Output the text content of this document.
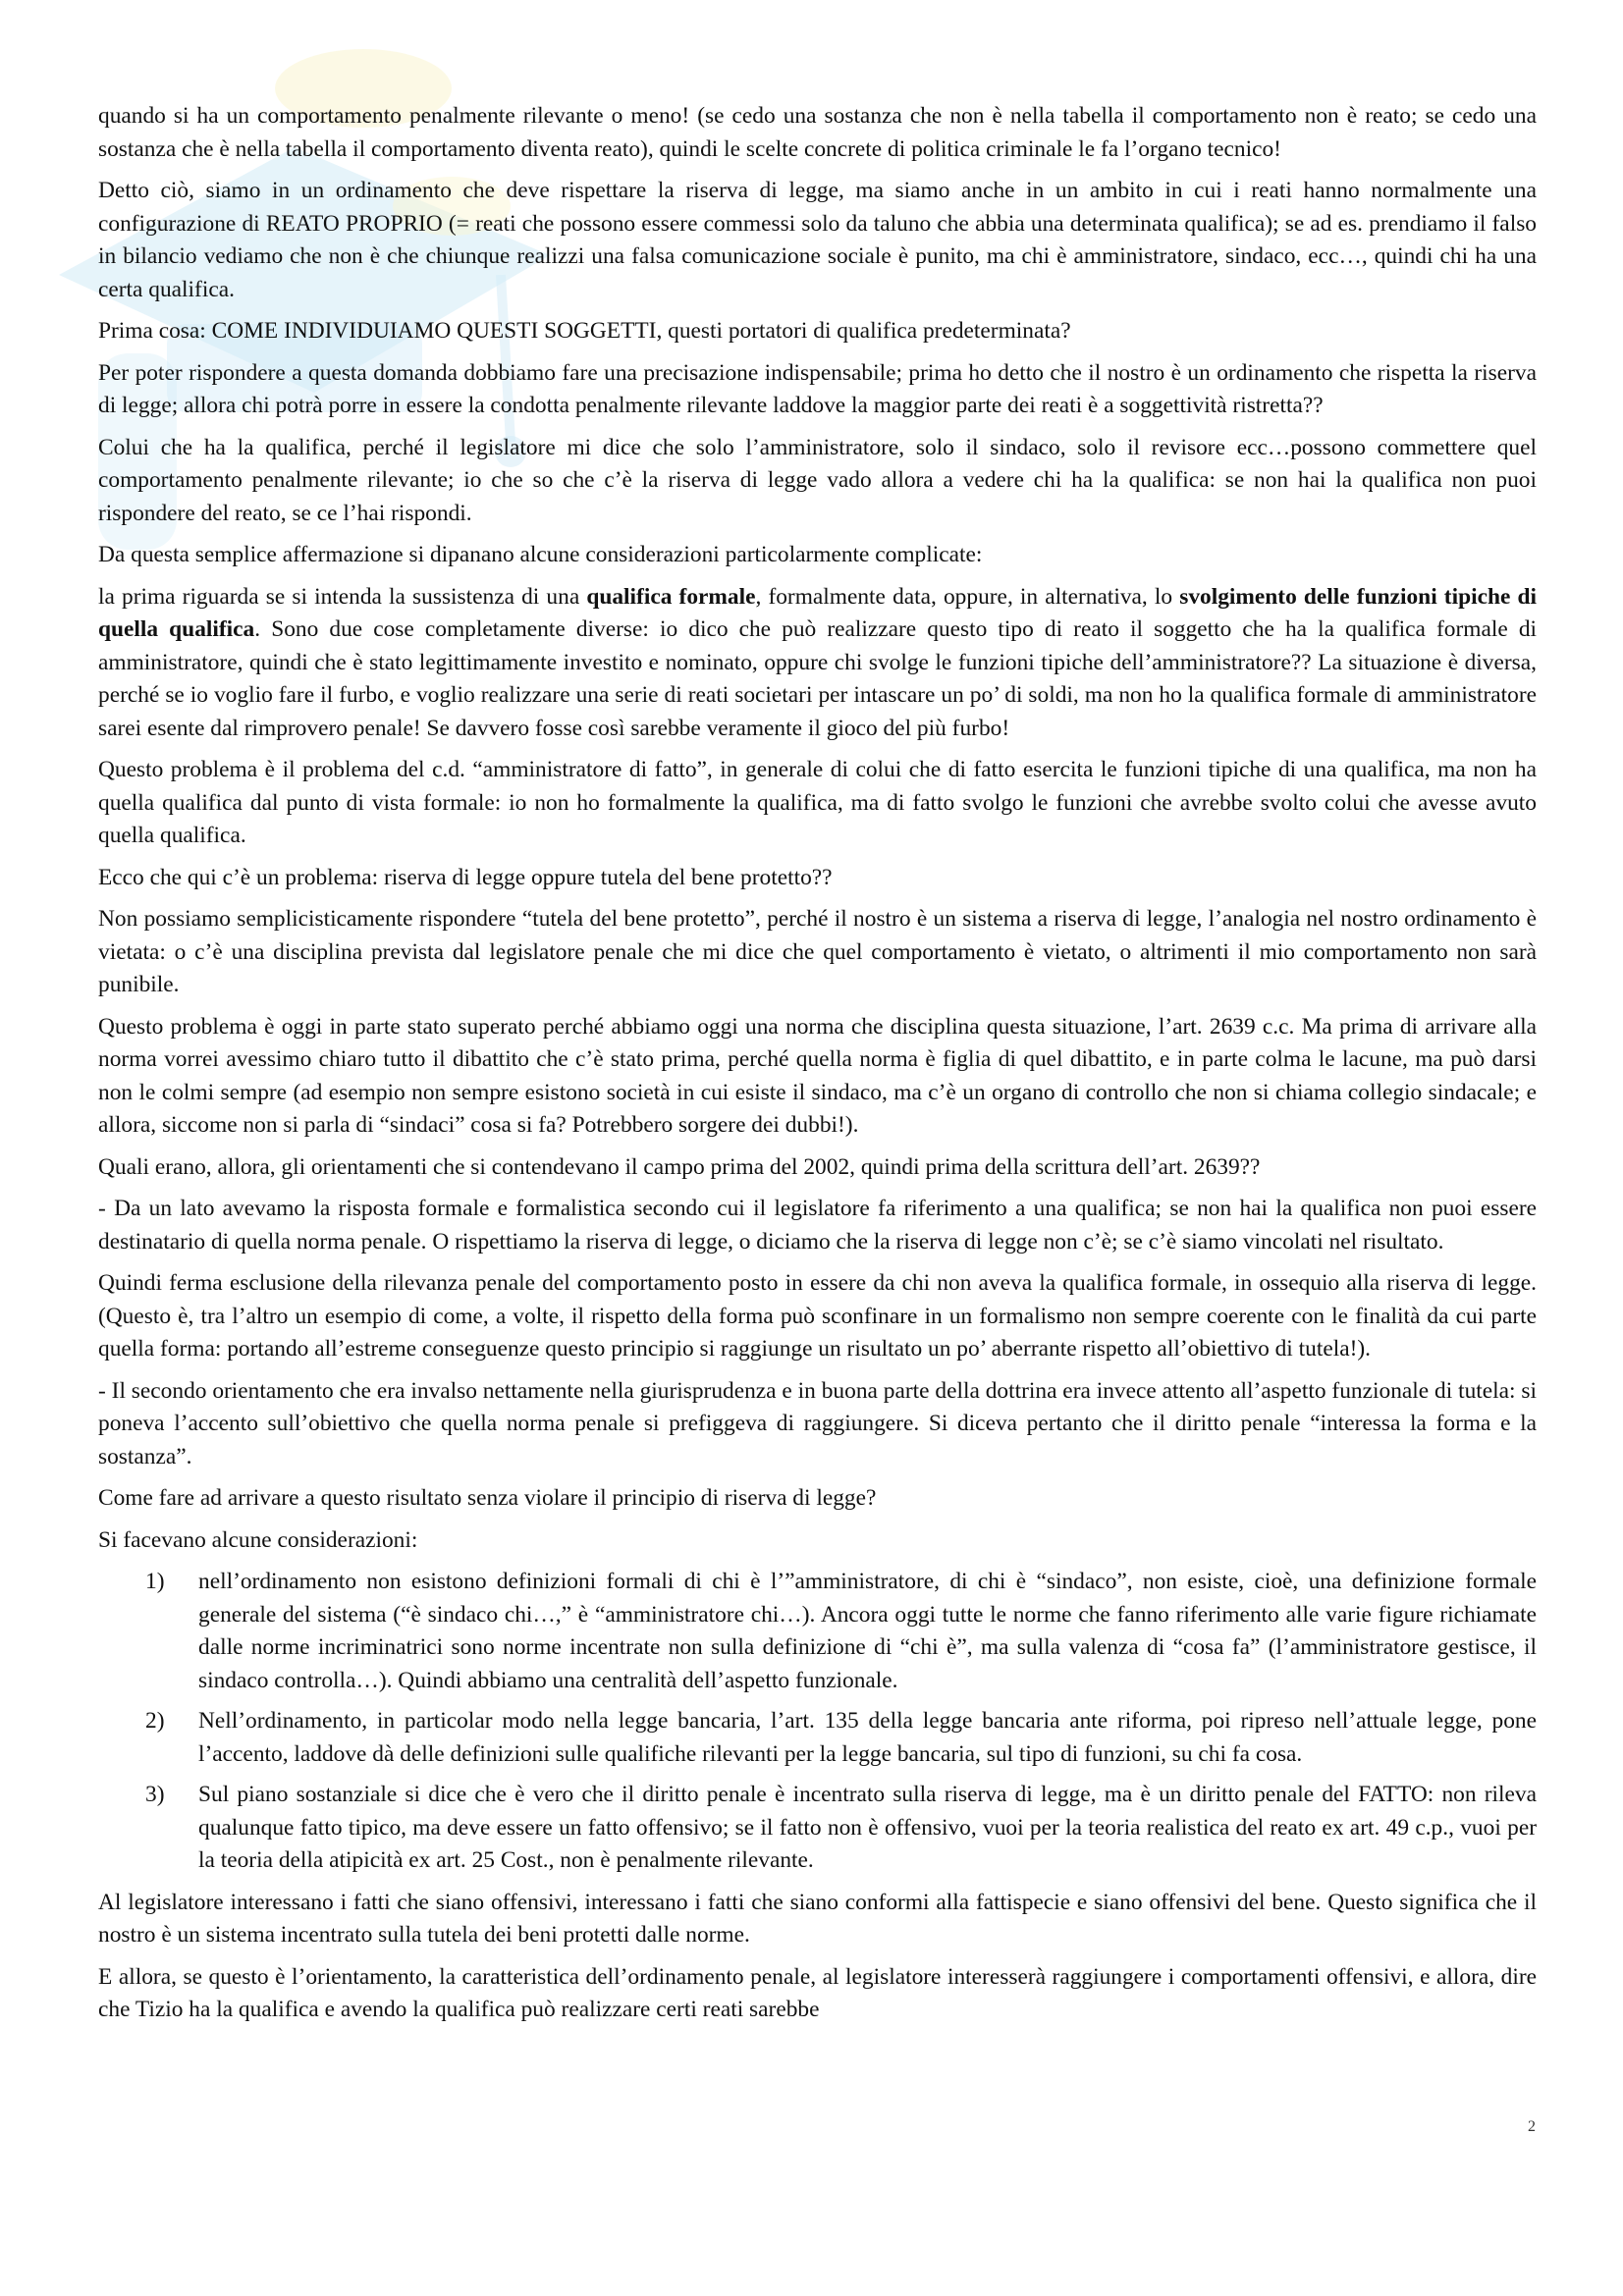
quando si ha un comportamento penalmente rilevante o meno! (se cedo una sostanza che non è nella tabella il comportamento non è reato; se cedo una sostanza che è nella tabella il comportamento diventa reato), quindi le scelte concrete di politica criminale le fa l’organo tecnico!

Detto ciò, siamo in un ordinamento che deve rispettare la riserva di legge, ma siamo anche in un ambito in cui i reati hanno normalmente una configurazione di REATO PROPRIO (= reati che possono essere commessi solo da taluno che abbia una determinata qualifica); se ad es. prendiamo il falso in bilancio vediamo che non è che chiunque realizzi una falsa comunicazione sociale è punito, ma chi è amministratore, sindaco, ecc…, quindi chi ha una certa qualifica.

Prima cosa: COME INDIVIDUIAMO QUESTI SOGGETTI, questi portatori di qualifica predeterminata?

Per poter rispondere a questa domanda dobbiamo fare una precisazione indispensabile; prima ho detto che il nostro è un ordinamento che rispetta la riserva di legge; allora chi potrà porre in essere la condotta penalmente rilevante laddove la maggior parte dei reati è a soggettività ristretta??

Colui che ha la qualifica, perché il legislatore mi dice che solo l’amministratore, solo il sindaco, solo il revisore ecc…possono commettere quel comportamento penalmente rilevante; io che so che c’è la riserva di legge vado allora a vedere chi ha la qualifica: se non hai la qualifica non puoi rispondere del reato, se ce l’hai rispondi.

Da questa semplice affermazione si dipanano alcune considerazioni particolarmente complicate:

la prima riguarda se si intenda la sussistenza di una qualifica formale, formalmente data, oppure, in alternativa, lo svolgimento delle funzioni tipiche di quella qualifica. Sono due cose completamente diverse: io dico che può realizzare questo tipo di reato il soggetto che ha la qualifica formale di amministratore, quindi che è stato legittimamente investito e nominato, oppure chi svolge le funzioni tipiche dell’amministratore?? La situazione è diversa, perché se io voglio fare il furbo, e voglio realizzare una serie di reati societari per intascare un po’ di soldi, ma non ho la qualifica formale di amministratore sarei esente dal rimprovero penale! Se davvero fosse così sarebbe veramente il gioco del più furbo!

Questo problema è il problema del c.d. “amministratore di fatto”, in generale di colui che di fatto esercita le funzioni tipiche di una qualifica, ma non ha quella qualifica dal punto di vista formale: io non ho formalmente la qualifica, ma di fatto svolgo le funzioni che avrebbe svolto colui che avesse avuto quella qualifica.

Ecco che qui c’è un problema: riserva di legge oppure tutela del bene protetto??

Non possiamo semplicisticamente rispondere “tutela del bene protetto”, perché il nostro è un sistema a riserva di legge, l’analogia nel nostro ordinamento è vietata: o c’è una disciplina prevista dal legislatore penale che mi dice che quel comportamento è vietato, o altrimenti il mio comportamento non sarà punibile.

Questo problema è oggi in parte stato superato perché abbiamo oggi una norma che disciplina questa situazione, l’art. 2639 c.c. Ma prima di arrivare alla norma vorrei avessimo chiaro tutto il dibattito che c’è stato prima, perché quella norma è figlia di quel dibattito, e in parte colma le lacune, ma può darsi non le colmi sempre (ad esempio non sempre esistono società in cui esiste il sindaco, ma c’è un organo di controllo che non si chiama collegio sindacale; e allora, siccome non si parla di “sindaci” cosa si fa? Potrebbero sorgere dei dubbi!).

Quali erano, allora, gli orientamenti che si contendevano il campo prima del 2002, quindi prima della scrittura dell’art. 2639??

- Da un lato avevamo la risposta formale e formalistica secondo cui il legislatore fa riferimento a una qualifica; se non hai la qualifica non puoi essere destinatario di quella norma penale. O rispettiamo la riserva di legge, o diciamo che la riserva di legge non c’è; se c’è siamo vincolati nel risultato.

Quindi ferma esclusione della rilevanza penale del comportamento posto in essere da chi non aveva la qualifica formale, in ossequio alla riserva di legge. (Questo è, tra l’altro un esempio di come, a volte, il rispetto della forma può sconfinare in un formalismo non sempre coerente con le finalità da cui parte quella forma: portando all’estreme conseguenze questo principio si raggiunge un risultato un po’ aberrante rispetto all’obiettivo di tutela!).

- Il secondo orientamento che era invalso nettamente nella giurisprudenza e in buona parte della dottrina era invece attento all’aspetto funzionale di tutela: si poneva l’accento sull’obiettivo che quella norma penale si prefiggeva di raggiungere. Si diceva pertanto che il diritto penale “interessa la forma e la sostanza”.

Come fare ad arrivare a questo risultato senza violare il principio di riserva di legge?

Si facevano alcune considerazioni:

1) nell’ordinamento non esistono definizioni formali di chi è l’”amministratore, di chi è “sindaco”, non esiste, cioè, una definizione formale generale del sistema (“è sindaco chi…,” è “amministratore chi…). Ancora oggi tutte le norme che fanno riferimento alle varie figure richiamate dalle norme incriminatrici sono norme incentrate non sulla definizione di “chi è”, ma sulla valenza di “cosa fa” (l’amministratore gestisce, il sindaco controlla…). Quindi abbiamo una centralità dell’aspetto funzionale.
2) Nell’ordinamento, in particolar modo nella legge bancaria, l’art. 135 della legge bancaria ante riforma, poi ripreso nell’attuale legge, pone l’accento, laddove dà delle definizioni sulle qualifiche rilevanti per la legge bancaria, sul tipo di funzioni, su chi fa cosa.
3) Sul piano sostanziale si dice che è vero che il diritto penale è incentrato sulla riserva di legge, ma è un diritto penale del FATTO: non rileva qualunque fatto tipico, ma deve essere un fatto offensivo; se il fatto non è offensivo, vuoi per la teoria realistica del reato ex art. 49 c.p., vuoi per la teoria della atipicità ex art. 25 Cost., non è penalmente rilevante.

Al legislatore interessano i fatti che siano offensivi, interessano i fatti che siano conformi alla fattispecie e siano offensivi del bene. Questo significa che il nostro è un sistema incentrato sulla tutela dei beni protetti dalle norme.

E allora, se questo è l’orientamento, la caratteristica dell’ordinamento penale, al legislatore interesserà raggiungere i comportamenti offensivi, e allora, dire che Tizio ha la qualifica e avendo la qualifica può realizzare certi reati sarebbe

2
